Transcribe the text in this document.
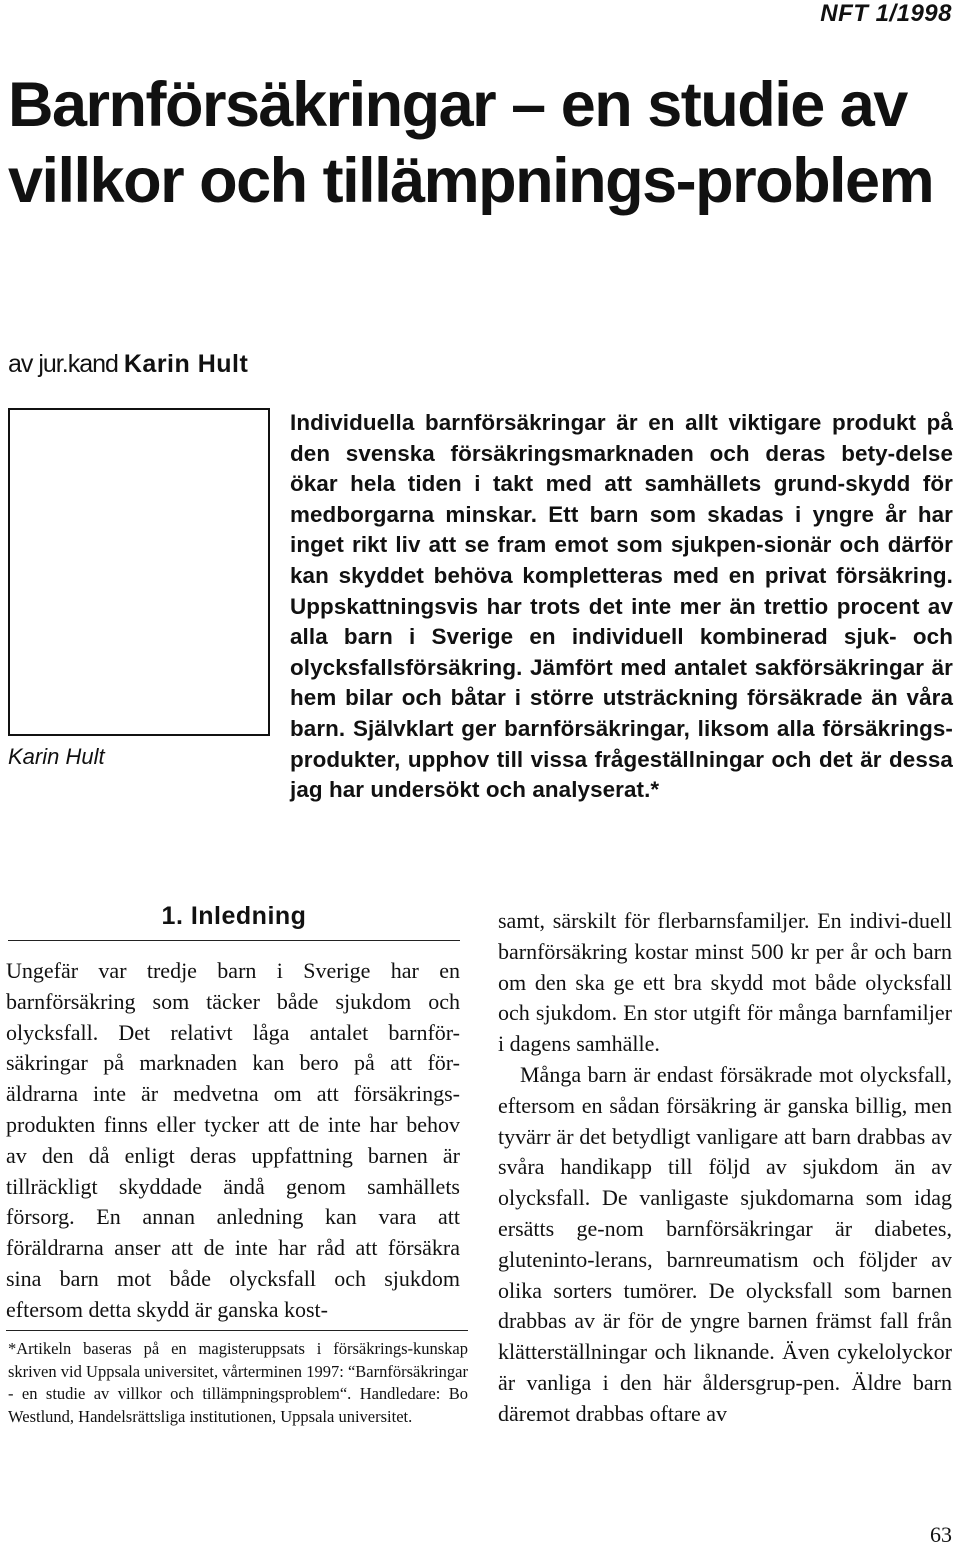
NFT 1/1998
Barnförsäkringar – en studie av villkor och tillämpnings-problem

av jur.kand Karin Hult

Karin Hult

Individuella barnförsäkringar är en allt viktigare produkt på den svenska försäkringsmarknaden och deras bety-delse ökar hela tiden i takt med att samhällets grund-skydd för medborgarna minskar. Ett barn som skadas i yngre år har inget rikt liv att se fram emot som sjukpen-sionär och därför kan skyddet behöva kompletteras med en privat försäkring. Uppskattningsvis har trots det inte mer än trettio procent av alla barn i Sverige en individuell kombinerad sjuk- och olycksfallsförsäkring. Jämfört med antalet sakförsäkringar är hem bilar och båtar i större utsträckning försäkrade än våra barn. Självklart ger barnförsäkringar, liksom alla försäkrings-produkter, upphov till vissa frågeställningar och det är dessa jag har undersökt och analyserat.*

1. Inledning

Ungefär var tredje barn i Sverige har en barnförsäkring som täcker både sjukdom och olycksfall. Det relativt låga antalet barnför-säkringar på marknaden kan bero på att för-äldrarna inte är medvetna om att försäkrings-produkten finns eller tycker att de inte har behov av den då enligt deras uppfattning barnen är tillräckligt skyddade ändå genom samhällets försorg. En annan anledning kan vara att föräldrarna anser att de inte har råd att försäkra sina barn mot både olycksfall och sjukdom eftersom detta skydd är ganska kost-

samt, särskilt för flerbarnsfamiljer. En indivi-duell barnförsäkring kostar minst 500 kr per år och barn om den ska ge ett bra skydd mot både olycksfall och sjukdom. En stor utgift för många barnfamiljer i dagens samhälle.
Många barn är endast försäkrade mot olycksfall, eftersom en sådan försäkring är ganska billig, men tyvärr är det betydligt vanligare att barn drabbas av svåra handikapp till följd av sjukdom än av olycksfall. De vanligaste sjukdomarna som idag ersätts ge-nom barnförsäkringar är diabetes, gluteninto-lerans, barnreumatism och följder av olika sorters tumörer. De olycksfall som barnen drabbas av är för de yngre barnen främst fall från klätterställningar och liknande. Även cykelolyckor är vanliga i den här åldersgrup-pen. Äldre barn däremot drabbas oftare av

*Artikeln baseras på en magisteruppsats i försäkrings-kunskap skriven vid Uppsala universitet, vårterminen 1997: “Barnförsäkringar - en studie av villkor och tillämpningsproblem“. Handledare: Bo Westlund, Handelsrättsliga institutionen, Uppsala universitet.

63
